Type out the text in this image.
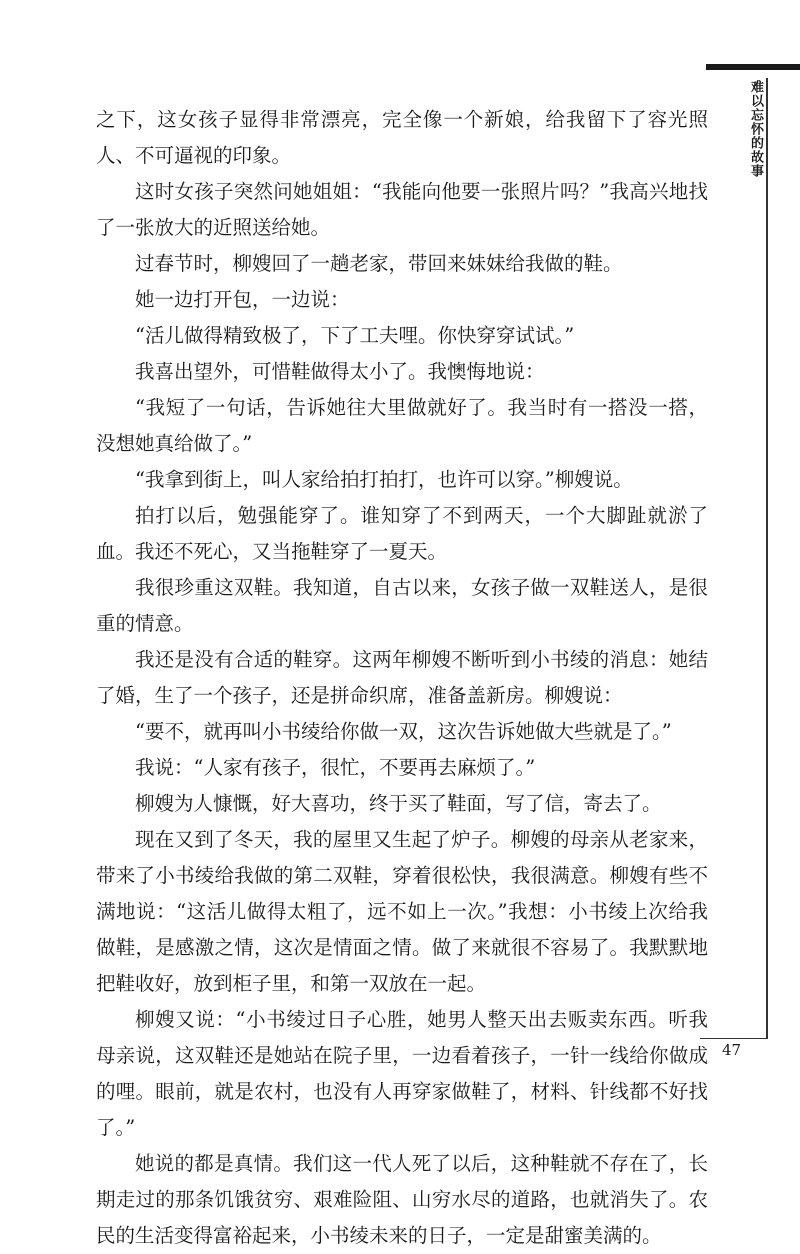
难以忘怀的故事

之下，这女孩子显得非常漂亮，完全像一个新娘，给我留下了容光照人、不可逼视的印象。

这时女孩子突然问她姐姐：“我能向他要一张照片吗？”我高兴地找了一张放大的近照送给她。

过春节时，柳嫂回了一趟老家，带回来妹妹给我做的鞋。

她一边打开包，一边说：

“活儿做得精致极了，下了工夫哩。你快穿穿试试。”

我喜出望外，可惜鞋做得太小了。我懊悔地说：

“我短了一句话，告诉她往大里做就好了。我当时有一搭没一搭，没想她真给做了。”

“我拿到街上，叫人家给拍打拍打，也许可以穿。”柳嫂说。

拍打以后，勉强能穿了。谁知穿了不到两天，一个大脚趾就淤了血。我还不死心，又当拖鞋穿了一夏天。

我很珍重这双鞋。我知道，自古以来，女孩子做一双鞋送人，是很重的情意。

我还是没有合适的鞋穿。这两年柳嫂不断听到小书绫的消息：她结了婚，生了一个孩子，还是拼命织席，准备盖新房。柳嫂说：

“要不，就再叫小书绫给你做一双，这次告诉她做大些就是了。”

我说：“人家有孩子，很忙，不要再去麻烦了。”

柳嫂为人慷慨，好大喜功，终于买了鞋面，写了信，寄去了。

现在又到了冬天，我的屋里又生起了炉子。柳嫂的母亲从老家来，带来了小书绫给我做的第二双鞋，穿着很松快，我很满意。柳嫂有些不满地说：“这活儿做得太粗了，远不如上一次。”我想：小书绫上次给我做鞋，是感激之情，这次是情面之情。做了来就很不容易了。我默默地把鞋收好，放到柜子里，和第一双放在一起。

柳嫂又说：“小书绫过日子心胜，她男人整天出去贩卖东西。听我母亲说，这双鞋还是她站在院子里，一边看着孩子，一针一线给你做成的哩。眼前，就是农村，也没有人再穿家做鞋了，材料、针线都不好找了。”

她说的都是真情。我们这一代人死了以后，这种鞋就不存在了，长期走过的那条饥饿贫穷、艰难险阻、山穷水尽的道路，也就消失了。农民的生活变得富裕起来，小书绫未来的日子，一定是甜蜜美满的。

47
